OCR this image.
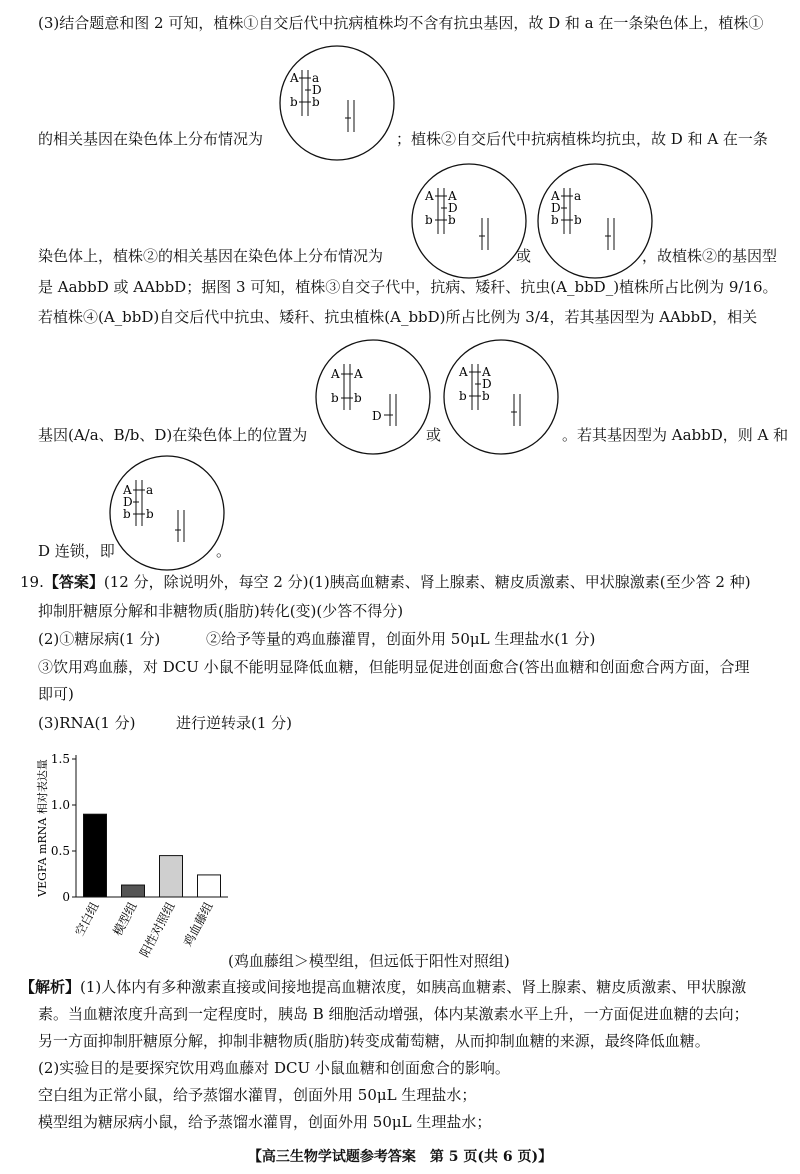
(3)结合题意和图 2 可知，植株①自交后代中抗病植株均不含有抗虫基因，故 D 和 a 在一条染色体上，植株①
的相关基因在染色体上分布情况为	；植株②自交后代中抗病植株均抗虫，故 D 和 A 在一条
染色体上，植株②的相关基因在染色体上分布情况为	或	，故植株②的基因型
是 AabbD 或 AAbbD；据图 3 可知，植株③自交子代中，抗病、矮秆、抗虫(A_bbD_)植株所占比例为 9/16。
若植株④(A_bbD)自交后代中抗虫、矮秆、抗虫植株(A_bbD)所占比例为 3/4，若其基因型为 AAbbD，相关
基因(A/a、B/b、D)在染色体上的位置为	或	。若其基因型为 AabbD，则 A 和
D 连锁，即	。
A a
D
b b
A A
D
b b
A a
D
b b
A A
b b
D
A A
D
b b
A a
D
b b
19.【答案】(12 分，除说明外，每空 2 分)(1)胰高血糖素、肾上腺素、糖皮质激素、甲状腺激素(至少答 2 种)
抑制肝糖原分解和非糖物质(脂肪)转化(变)(少答不得分)
(2)①糖尿病(1 分)	②给予等量的鸡血藤灌胃，创面外用 50μL 生理盐水(1 分)
③饮用鸡血藤，对 DCU 小鼠不能明显降低血糖，但能明显促进创面愈合(答出血糖和创面愈合两方面，合理
即可)
(3)RNA(1 分)	进行逆转录(1 分)
VEGFA mRNA 相对表达量
0
0.5
1.0
1.5
空白组 模型组
阳性对照组 鸡血藤组
(鸡血藤组＞模型组，但远低于阳性对照组)
【解析】(1)人体内有多种激素直接或间接地提高血糖浓度，如胰高血糖素、肾上腺素、糖皮质激素、甲状腺激
素。当血糖浓度升高到一定程度时，胰岛 B 细胞活动增强，体内某激素水平上升，一方面促进血糖的去向；
另一方面抑制肝糖原分解，抑制非糖物质(脂肪)转变成葡萄糖，从而抑制血糖的来源，最终降低血糖。
(2)实验目的是要探究饮用鸡血藤对 DCU 小鼠血糖和创面愈合的影响。
空白组为正常小鼠，给予蒸馏水灌胃，创面外用 50μL 生理盐水；
模型组为糖尿病小鼠，给予蒸馏水灌胃，创面外用 50μL 生理盐水；
【高三生物学试题参考答案　第 5 页(共 6 页)】
